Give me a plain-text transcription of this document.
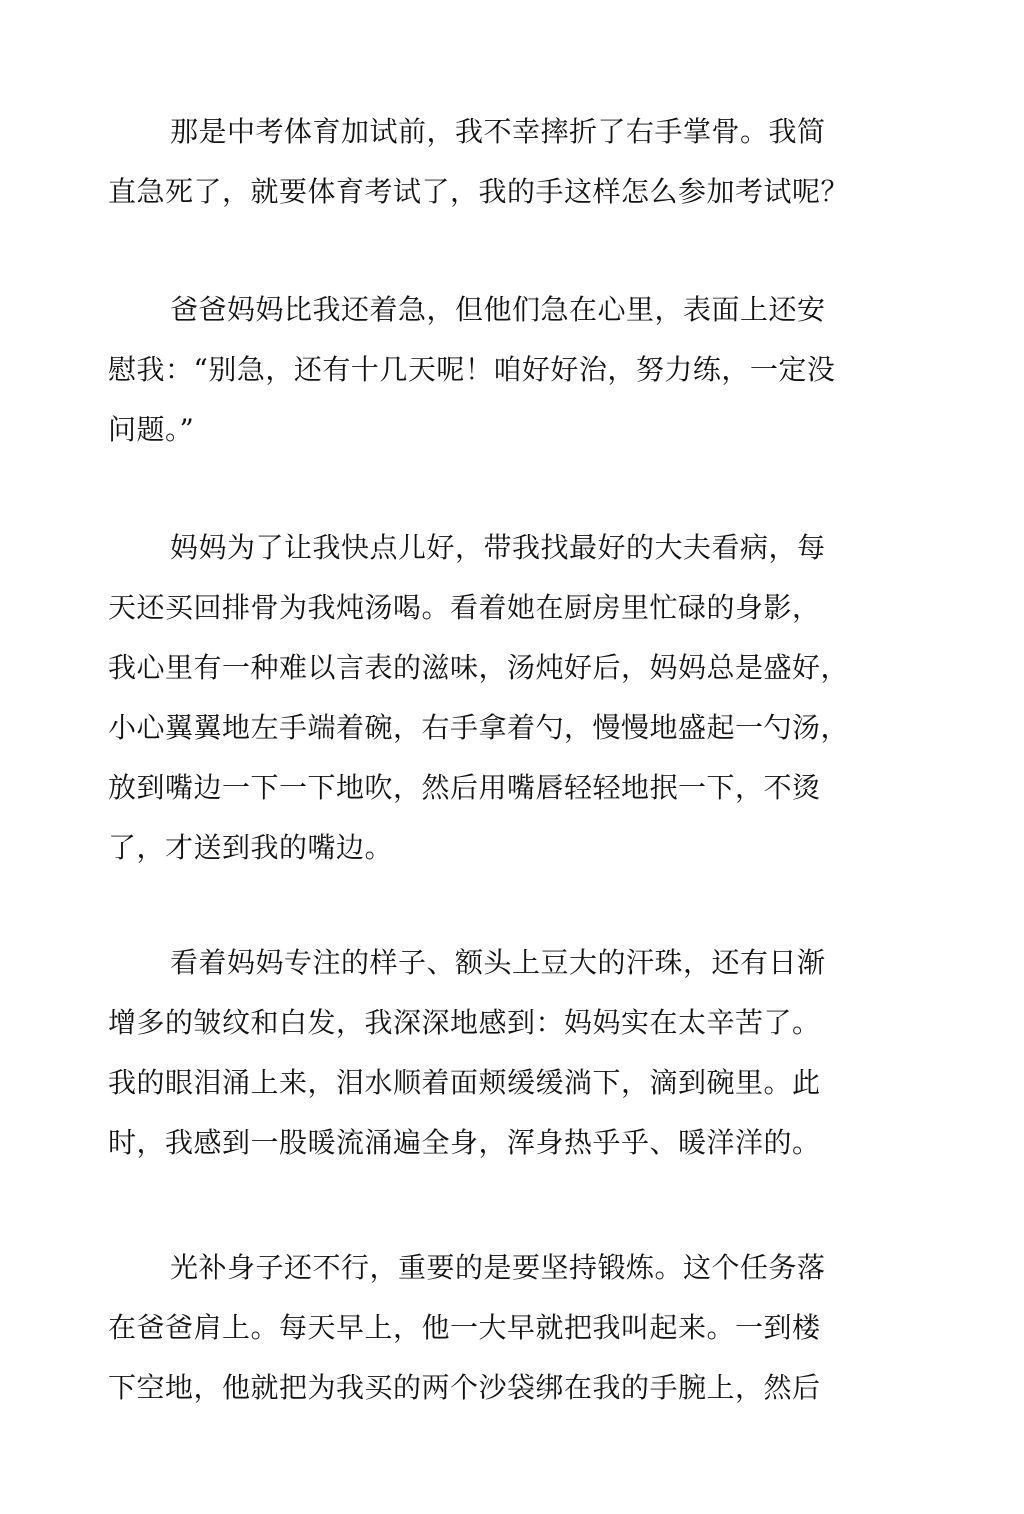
那是中考体育加试前，我不幸摔折了右手掌骨。我简
直急死了，就要体育考试了，我的手这样怎么参加考试呢？
爸爸妈妈比我还着急，但他们急在心里，表面上还安
慰我：“别急，还有十几天呢！咱好好治，努力练，一定没
问题。”
妈妈为了让我快点儿好，带我找最好的大夫看病，每
天还买回排骨为我炖汤喝。看着她在厨房里忙碌的身影，
我心里有一种难以言表的滋味，汤炖好后，妈妈总是盛好，
小心翼翼地左手端着碗，右手拿着勺，慢慢地盛起一勺汤，
放到嘴边一下一下地吹，然后用嘴唇轻轻地抿一下，不烫
了，才送到我的嘴边。
看着妈妈专注的样子、额头上豆大的汗珠，还有日渐
增多的皱纹和白发，我深深地感到：妈妈实在太辛苦了。
我的眼泪涌上来，泪水顺着面颊缓缓淌下，滴到碗里。此
时，我感到一股暖流涌遍全身，浑身热乎乎、暖洋洋的。
光补身子还不行，重要的是要坚持锻炼。这个任务落
在爸爸肩上。每天早上，他一大早就把我叫起来。一到楼
下空地，他就把为我买的两个沙袋绑在我的手腕上，然后
